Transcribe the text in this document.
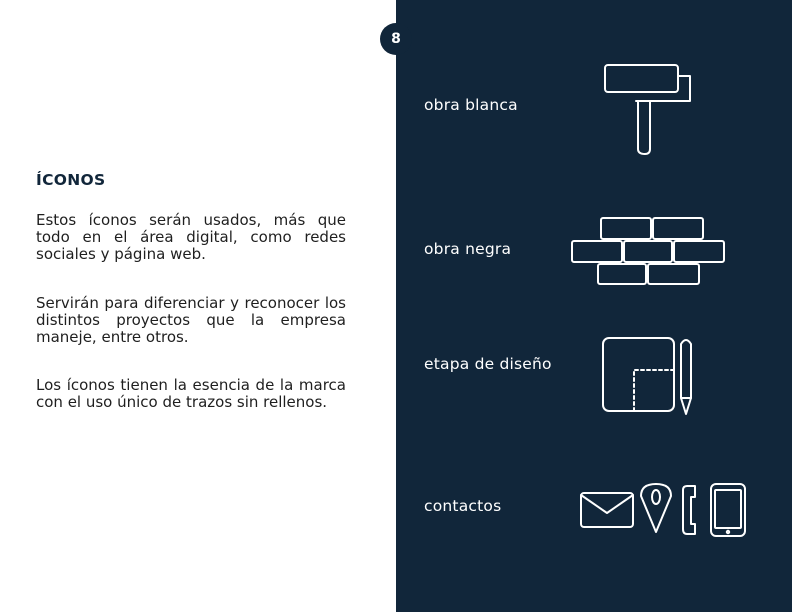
ÍCONOS

Estos íconos serán usados, más que todo en el área digital, como redes sociales y página web.

Servirán para diferenciar y reconocer los distintos proyectos que la empresa maneje, entre otros.

Los íconos tienen la esencia de la marca con el uso único de trazos sin rellenos.

8
obra blanca
obra negra
etapa de diseño
contactos
